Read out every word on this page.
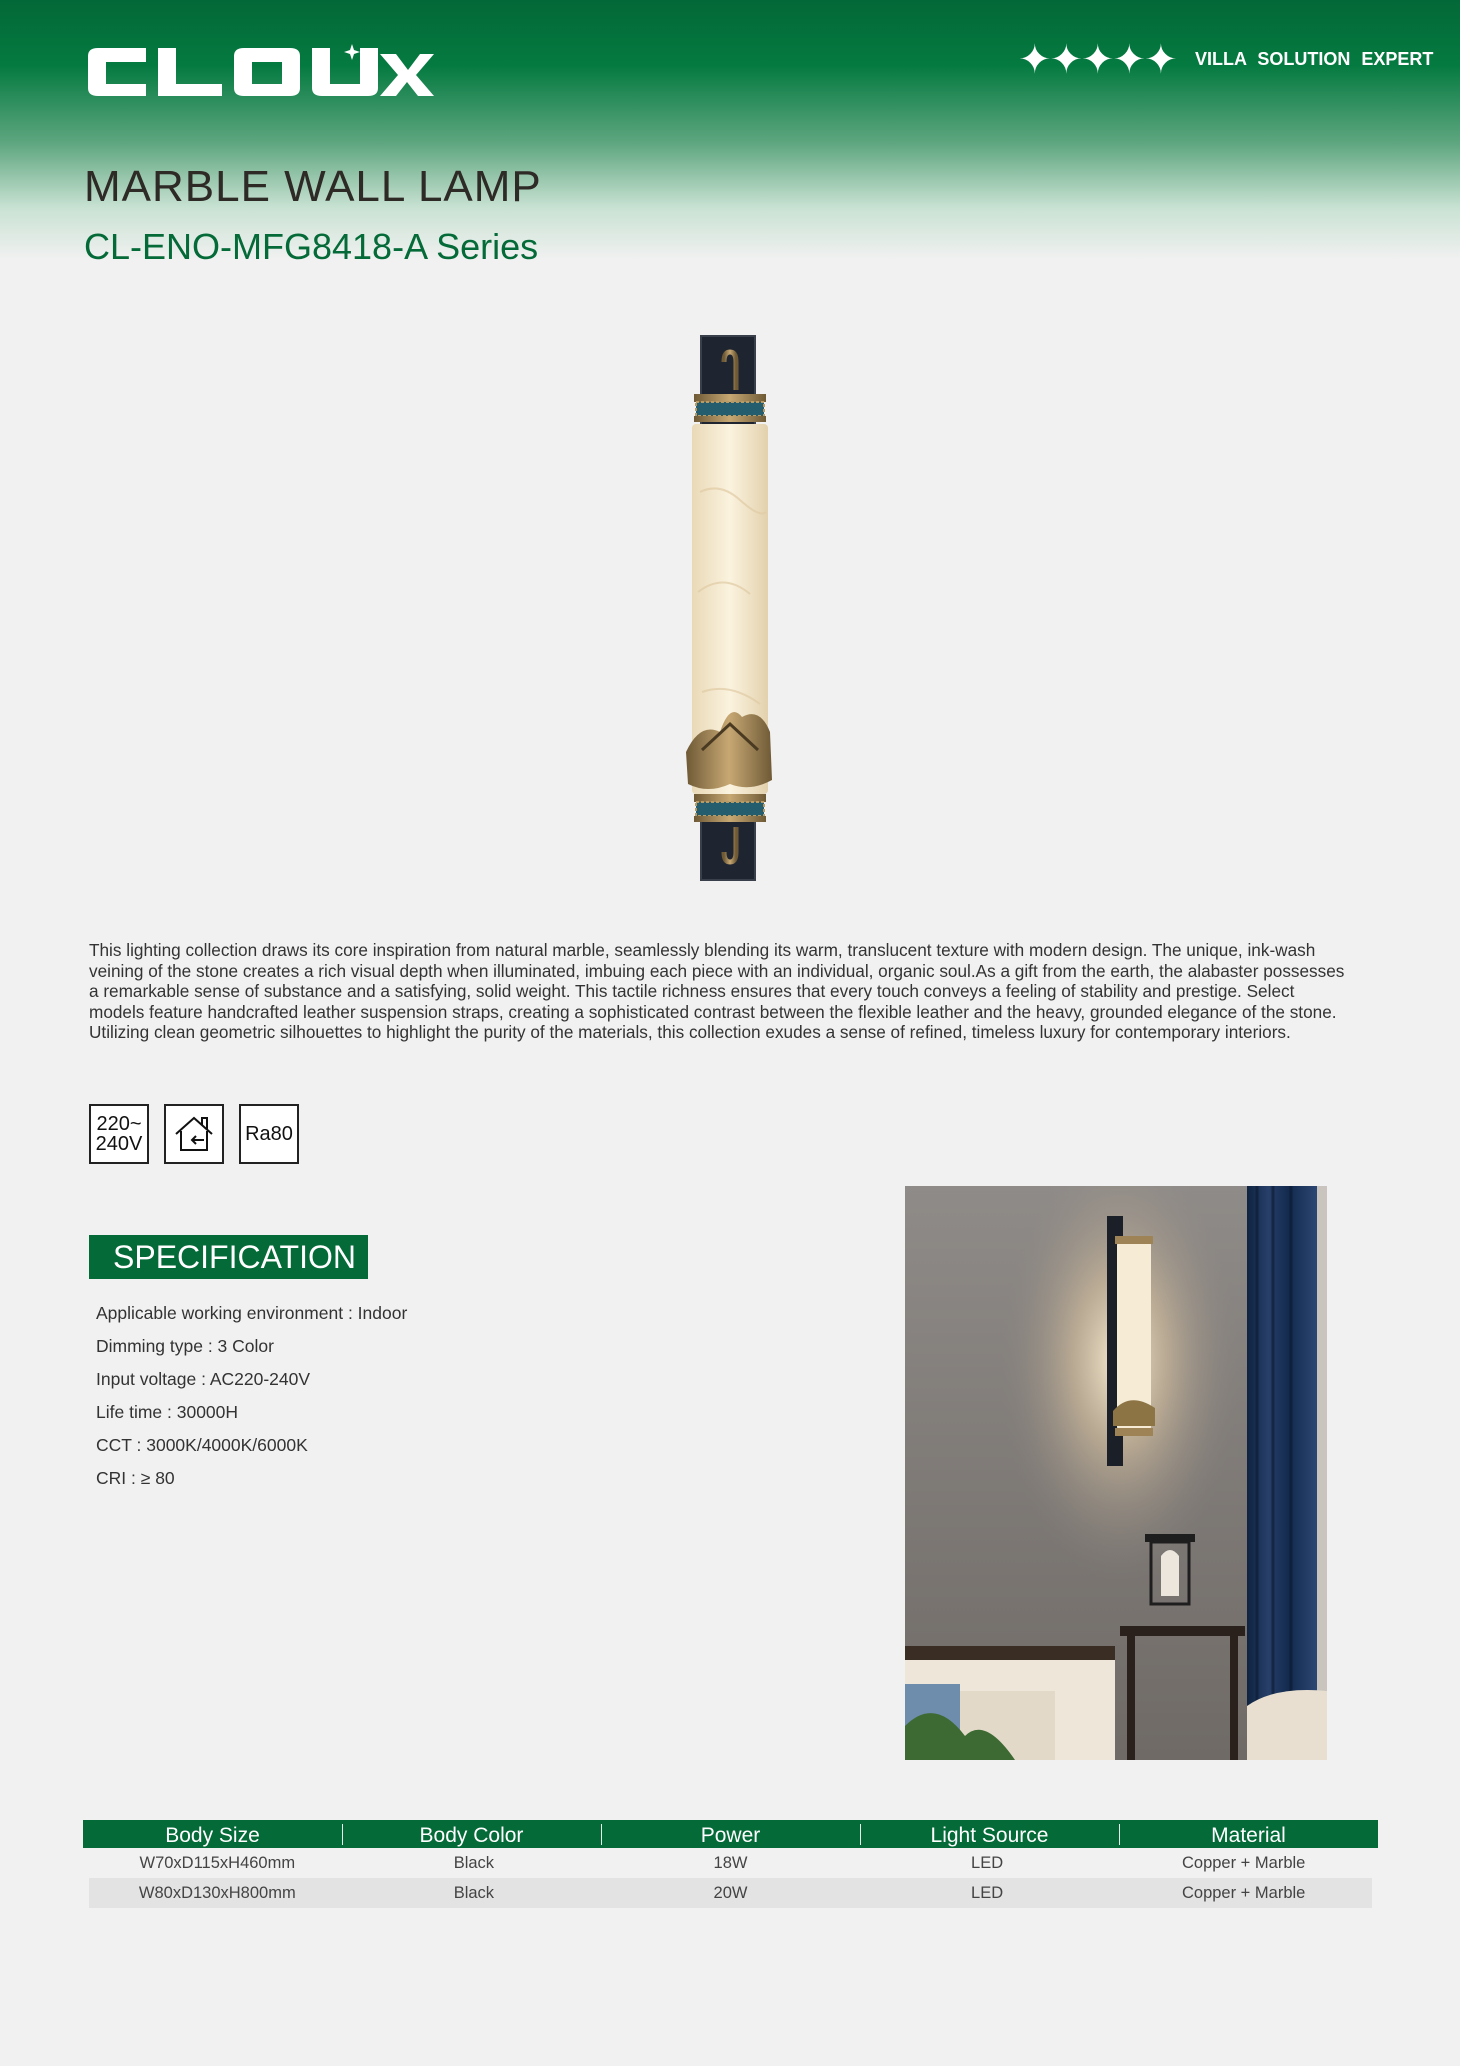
✦✦✦✦✦ VILLA SOLUTION EXPERT
MARBLE WALL LAMP
CL-ENO-MFG8418-A Series
This lighting collection draws its core inspiration from natural marble, seamlessly blending its warm, translucent texture with modern design. The unique, ink-wash veining of the stone creates a rich visual depth when illuminated, imbuing each piece with an individual, organic soul.As a gift from the earth, the alabaster possesses a remarkable sense of substance and a satisfying, solid weight. This tactile richness ensures that every touch conveys a feeling of stability and prestige. Select models feature handcrafted leather suspension straps, creating a sophisticated contrast between the flexible leather and the heavy, grounded elegance of the stone. Utilizing clean geometric silhouettes to highlight the purity of the materials, this collection exudes a sense of refined, timeless luxury for contemporary interiors.
220~
240V	Ra80
SPECIFICATION
Applicable working environment : Indoor
Dimming type : 3 Color
Input voltage : AC220-240V
Life time : 30000H
CCT : 3000K/4000K/6000K
CRI : ≥ 80
Body Size	Body Color	Power	Light Source	Material
W70xD115xH460mm	Black	18W	LED	Copper + Marble
W80xD130xH800mm	Black	20W	LED	Copper + Marble
